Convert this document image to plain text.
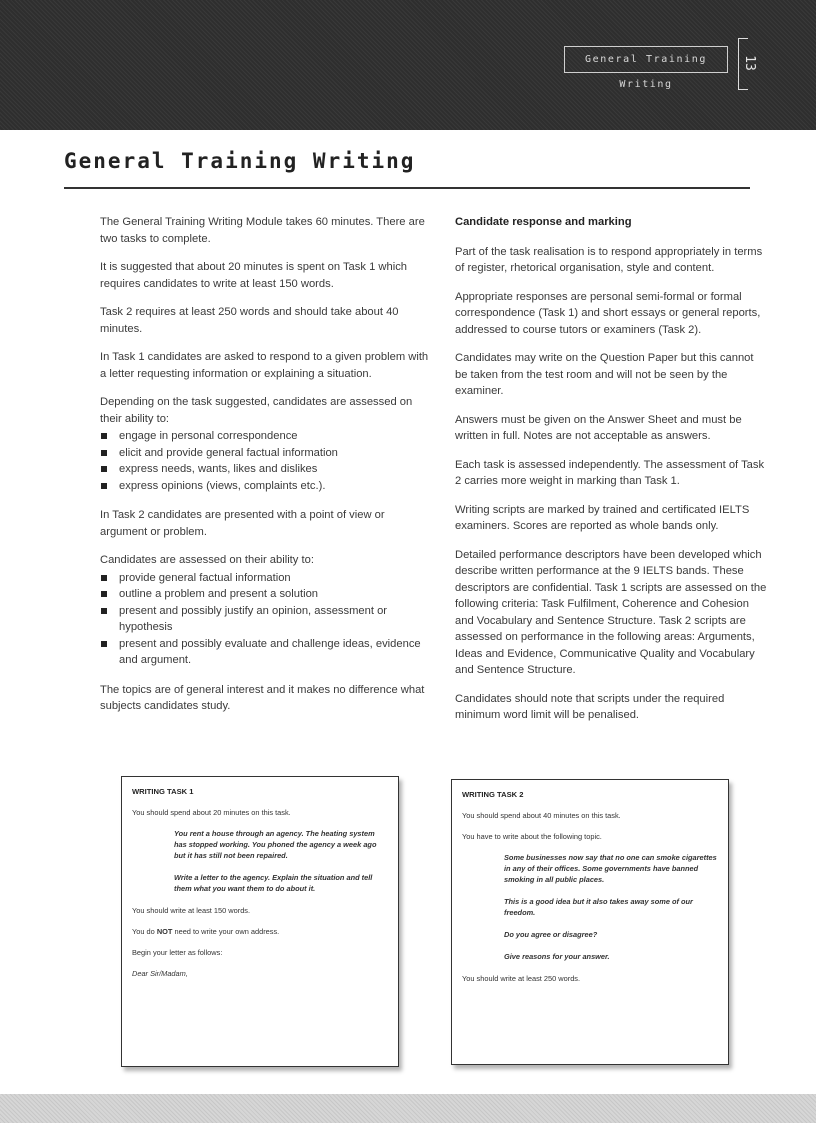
General Training Writing
13
General Training Writing

The General Training Writing Module takes 60 minutes. There are two tasks to complete.

It is suggested that about 20 minutes is spent on Task 1 which requires candidates to write at least 150 words.

Task 2 requires at least 250 words and should take about 40 minutes.

In Task 1 candidates are asked to respond to a given problem with a letter requesting information or explaining a situation.

Depending on the task suggested, candidates are assessed on their ability to:

engage in personal correspondence
elicit and provide general factual information
express needs, wants, likes and dislikes
express opinions (views, complaints etc.).

In Task 2 candidates are presented with a point of view or argument or problem.

Candidates are assessed on their ability to:

provide general factual information
outline a problem and present a solution
present and possibly justify an opinion, assessment or hypothesis
present and possibly evaluate and challenge ideas, evidence and argument.

The topics are of general interest and it makes no difference what subjects candidates study.

Candidate response and marking

Part of the task realisation is to respond appropriately in terms of register, rhetorical organisation, style and content.

Appropriate responses are personal semi-formal or formal correspondence (Task 1) and short essays or general reports, addressed to course tutors or examiners (Task 2).

Candidates may write on the Question Paper but this cannot be taken from the test room and will not be seen by the examiner.

Answers must be given on the Answer Sheet and must be written in full. Notes are not acceptable as answers.

Each task is assessed independently. The assessment of Task 2 carries more weight in marking than Task 1.

Writing scripts are marked by trained and certificated IELTS examiners. Scores are reported as whole bands only.

Detailed performance descriptors have been developed which describe written performance at the 9 IELTS bands. These descriptors are confidential. Task 1 scripts are assessed on the following criteria: Task Fulfilment, Coherence and Cohesion and Vocabulary and Sentence Structure. Task 2 scripts are assessed on performance in the following areas: Arguments, Ideas and Evidence, Communicative Quality and Vocabulary and Sentence Structure.

Candidates should note that scripts under the required minimum word limit will be penalised.

WRITING TASK 1

You should spend about 20 minutes on this task.

You rent a house through an agency. The heating system has stopped working. You phoned the agency a week ago but it has still not been repaired.

Write a letter to the agency. Explain the situation and tell them what you want them to do about it.

You should write at least 150 words.

You do NOT need to write your own address.

Begin your letter as follows:

Dear Sir/Madam,

WRITING TASK 2

You should spend about 40 minutes on this task.

You have to write about the following topic.

Some businesses now say that no one can smoke cigarettes in any of their offices. Some governments have banned smoking in all public places.

This is a good idea but it also takes away some of our freedom.

Do you agree or disagree?

Give reasons for your answer.

You should write at least 250 words.
